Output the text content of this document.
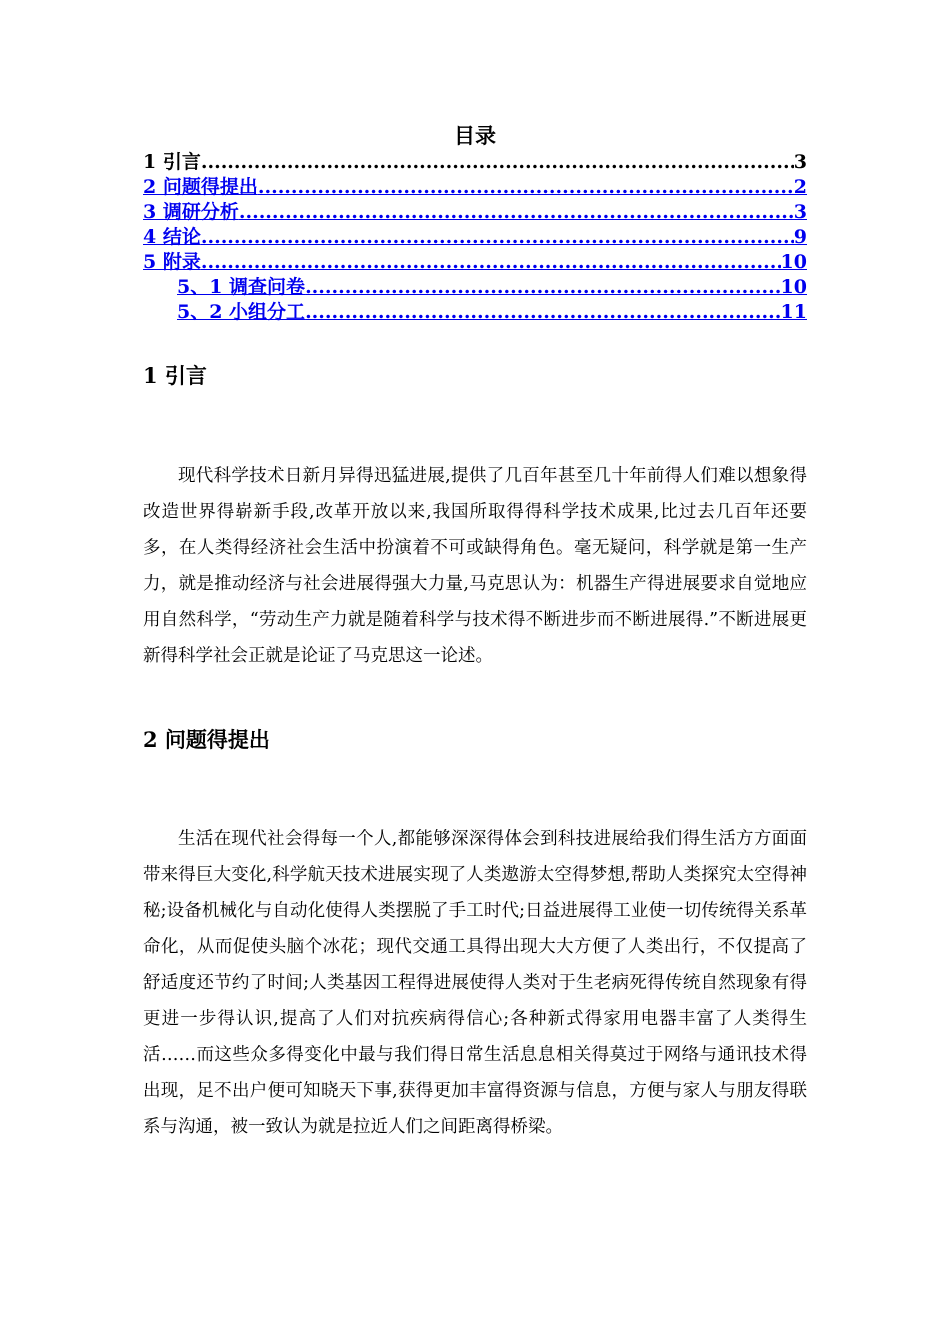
目录
1 引言 .....	3
2 问题得提出 .....	2
3 调研分析 .....	3
4 结论 .....	9
5 附录 .....	10
5、1 调查问卷 .....	10
5、2 小组分工 .....	11
1 引言

现代科学技术日新月异得迅猛进展,提供了几百年甚至几十年前得人们难以想象得改造世界得崭新手段,改革开放以来,我国所取得得科学技术成果,比过去几百年还要多，在人类得经济社会生活中扮演着不可或缺得角色。毫无疑问，科学就是第一生产力，就是推动经济与社会进展得强大力量,马克思认为：机器生产得进展要求自觉地应用自然科学，“劳动生产力就是随着科学与技术得不断进步而不断进展得.”不断进展更新得科学社会正就是论证了马克思这一论述。

2 问题得提出

生活在现代社会得每一个人,都能够深深得体会到科技进展给我们得生活方方面面带来得巨大变化,科学航天技术进展实现了人类遨游太空得梦想,帮助人类探究太空得神秘;设备机械化与自动化使得人类摆脱了手工时代;日益进展得工业使一切传统得关系革命化，从而促使头脑个冰花；现代交通工具得出现大大方便了人类出行，不仅提高了舒适度还节约了时间;人类基因工程得进展使得人类对于生老病死得传统自然现象有得更进一步得认识,提高了人们对抗疾病得信心;各种新式得家用电器丰富了人类得生活……而这些众多得变化中最与我们得日常生活息息相关得莫过于网络与通讯技术得出现，足不出户便可知晓天下事,获得更加丰富得资源与信息，方便与家人与朋友得联系与沟通，被一致认为就是拉近人们之间距离得桥梁。
